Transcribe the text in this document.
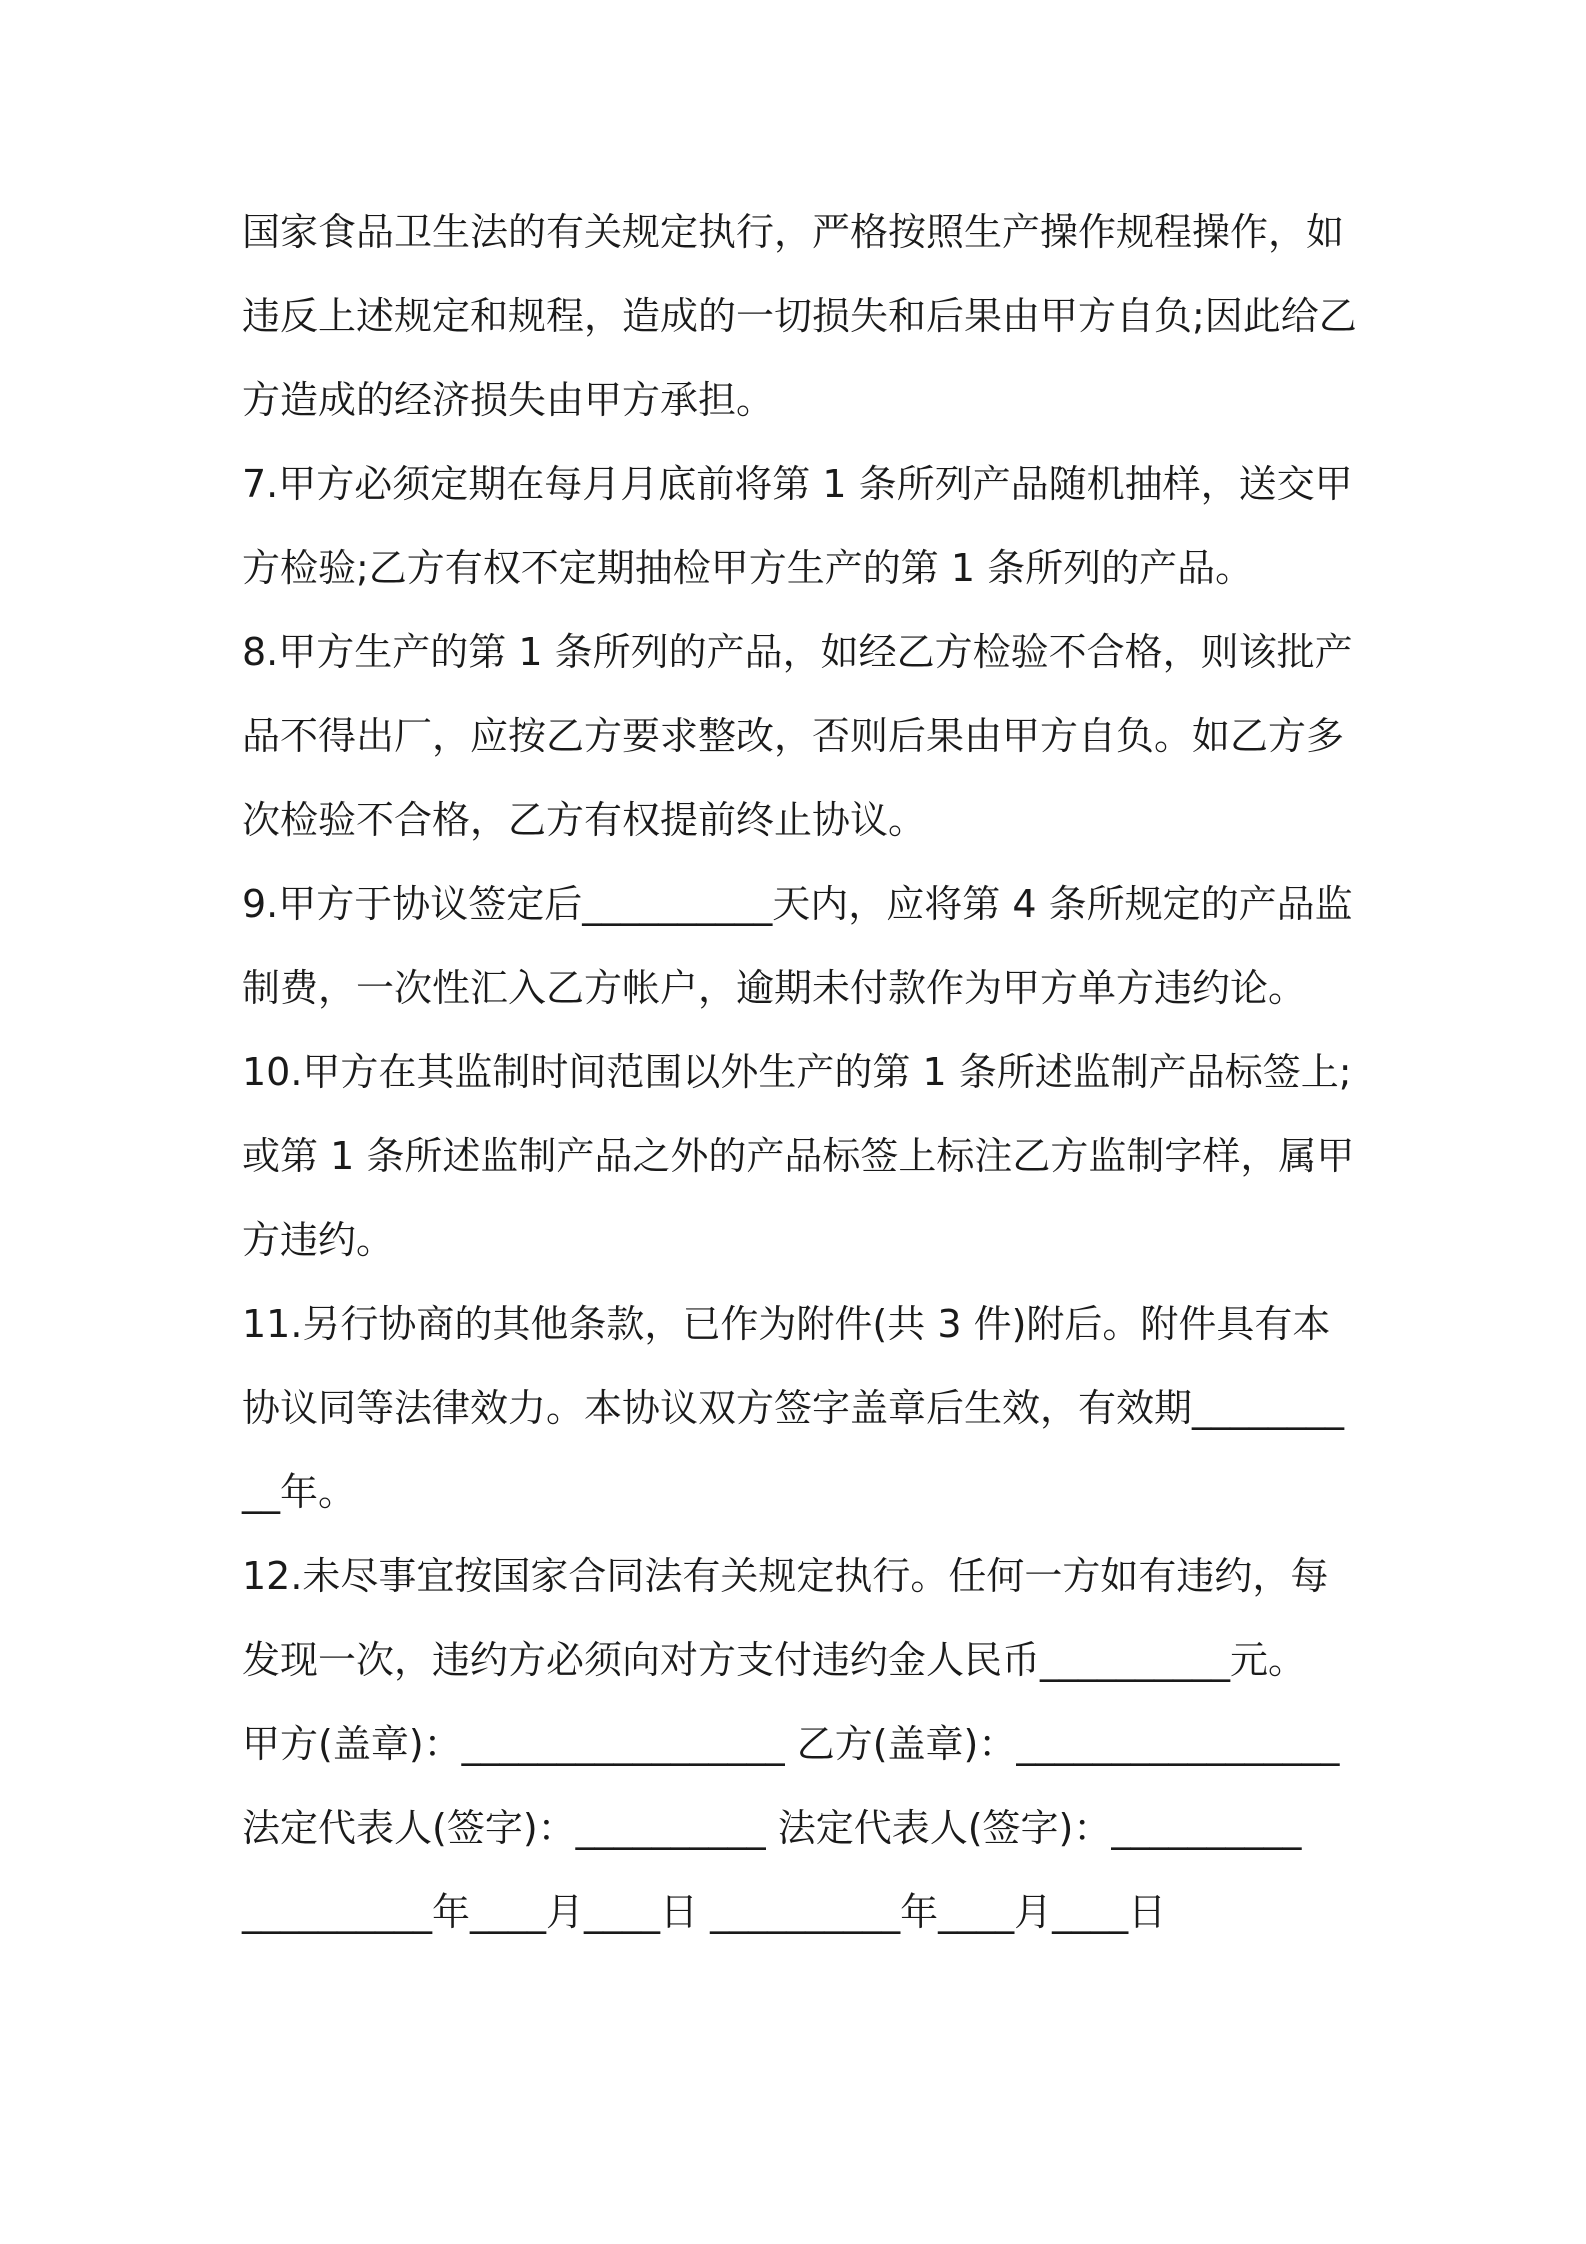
国家食品卫生法的有关规定执行，严格按照生产操作规程操作，如违反上述规定和规程，造成的一切损失和后果由甲方自负;因此给乙方造成的经济损失由甲方承担。

7.甲方必须定期在每月月底前将第 1 条所列产品随机抽样，送交甲方检验;乙方有权不定期抽检甲方生产的第 1 条所列的产品。

8.甲方生产的第 1 条所列的产品，如经乙方检验不合格，则该批产品不得出厂，应按乙方要求整改，否则后果由甲方自负。如乙方多次检验不合格，乙方有权提前终止协议。

9.甲方于协议签定后__________天内，应将第 4 条所规定的产品监制费，一次性汇入乙方帐户，逾期未付款作为甲方单方违约论。

10.甲方在其监制时间范围以外生产的第 1 条所述监制产品标签上;或第 1 条所述监制产品之外的产品标签上标注乙方监制字样，属甲方违约。

11.另行协商的其他条款，已作为附件(共 3 件)附后。附件具有本协议同等法律效力。本协议双方签字盖章后生效，有效期__________年。

12.未尽事宜按国家合同法有关规定执行。任何一方如有违约，每发现一次，违约方必须向对方支付违约金人民币__________元。

甲方(盖章)：_________________ 乙方(盖章)：_________________

法定代表人(签字)：__________ 法定代表人(签字)：__________

__________年____月____日 __________年____月____日
